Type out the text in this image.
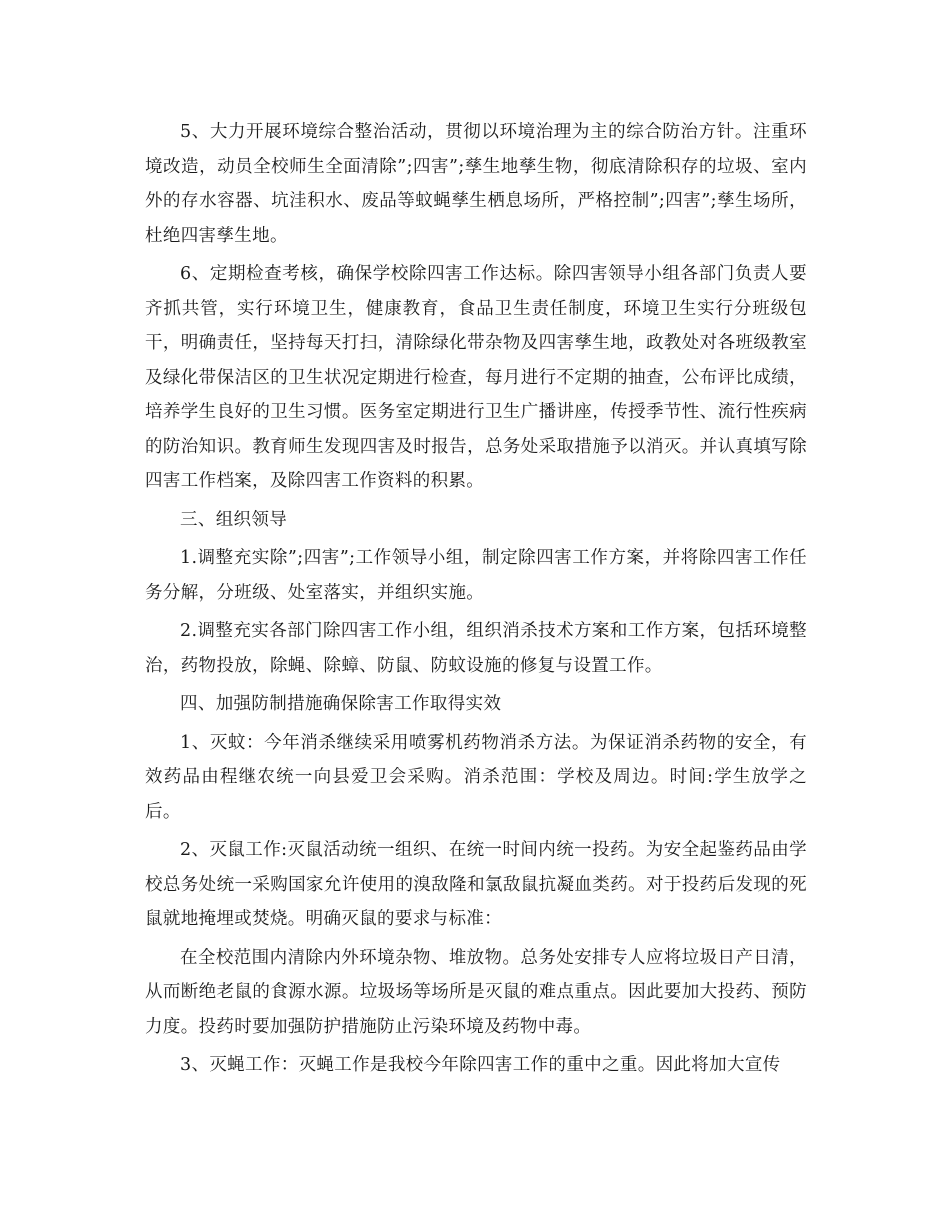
5、大力开展环境综合整治活动，贯彻以环境治理为主的综合防治方针。注重环境改造，动员全校师生全面清除”;四害”;孳生地孳生物，彻底清除积存的垃圾、室内外的存水容器、坑洼积水、废品等蚊蝇孳生栖息场所，严格控制”;四害”;孳生场所，杜绝四害孳生地。

6、定期检查考核，确保学校除四害工作达标。除四害领导小组各部门负责人要齐抓共管，实行环境卫生，健康教育，食品卫生责任制度，环境卫生实行分班级包干，明确责任，坚持每天打扫，清除绿化带杂物及四害孳生地，政教处对各班级教室及绿化带保洁区的卫生状况定期进行检查，每月进行不定期的抽查，公布评比成绩，培养学生良好的卫生习惯。医务室定期进行卫生广播讲座，传授季节性、流行性疾病的防治知识。教育师生发现四害及时报告，总务处采取措施予以消灭。并认真填写除四害工作档案，及除四害工作资料的积累。

三、组织领导

1.调整充实除”;四害”;工作领导小组，制定除四害工作方案，并将除四害工作任务分解，分班级、处室落实，并组织实施。

2.调整充实各部门除四害工作小组，组织消杀技术方案和工作方案，包括环境整治，药物投放，除蝇、除蟑、防鼠、防蚊设施的修复与设置工作。

四、加强防制措施确保除害工作取得实效

1、灭蚊：今年消杀继续采用喷雾机药物消杀方法。为保证消杀药物的安全，有效药品由程继农统一向县爱卫会采购。消杀范围：学校及周边。时间:学生放学之后。

2、灭鼠工作:灭鼠活动统一组织、在统一时间内统一投药。为安全起鉴药品由学校总务处统一采购国家允许使用的溴敌隆和氯敌鼠抗凝血类药。对于投药后发现的死鼠就地掩埋或焚烧。明确灭鼠的要求与标准：

在全校范围内清除内外环境杂物、堆放物。总务处安排专人应将垃圾日产日清，从而断绝老鼠的食源水源。垃圾场等场所是灭鼠的难点重点。因此要加大投药、预防力度。投药时要加强防护措施防止污染环境及药物中毒。

3、灭蝇工作：灭蝇工作是我校今年除四害工作的重中之重。因此将加大宣传
